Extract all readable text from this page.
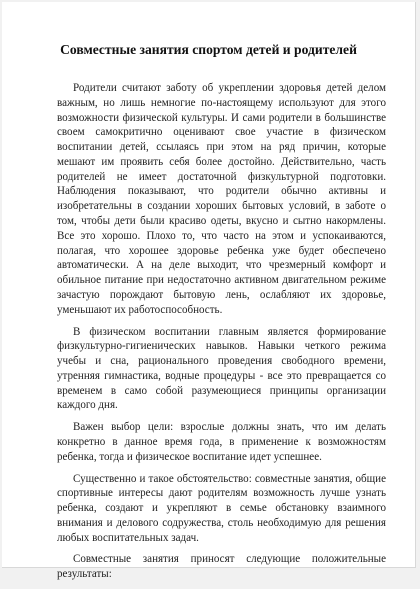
Совместные занятия спортом детей и родителей

Родители считают заботу об укреплении здоровья детей делом важным, но лишь немногие по-настоящему используют для этого возможности физической культуры. И сами родители в большинстве своем самокритично оценивают свое участие в физическом воспитании детей, ссылаясь при этом на ряд причин, которые мешают им проявить себя более достойно. Действительно, часть родителей не имеет достаточной физкультурной подготовки. Наблюдения показывают, что родители обычно активны и изобретательны в создании хороших бытовых условий, в заботе о том, чтобы дети были красиво одеты, вкусно и сытно накормлены. Все это хорошо. Плохо то, что часто на этом и успокаиваются, полагая, что хорошее здоровье ребенка уже будет обеспечено автоматически. А на деле выходит, что чрезмерный комфорт и обильное питание при недостаточно активном двигательном режиме зачастую порождают бытовую лень, ослабляют их здоровье, уменьшают их работоспособность.

В физическом воспитании главным является формирование физкультурно-гигиенических навыков. Навыки четкого режима учебы и сна, рационального проведения свободного времени, утренняя гимнастика, водные процедуры - все это превращается со временем в само собой разумеющиеся принципы организации каждого дня.

Важен выбор цели: взрослые должны знать, что им делать конкретно в данное время года, в применение к возможностям ребенка, тогда и физическое воспитание идет успешнее.

Существенно и такое обстоятельство: совместные занятия, общие спортивные интересы дают родителям возможность лучше узнать ребенка, создают и укрепляют в семье обстановку взаимного внимания и делового содружества, столь необходимую для решения любых воспитательных задач.

Совместные занятия приносят следующие положительные результаты:
